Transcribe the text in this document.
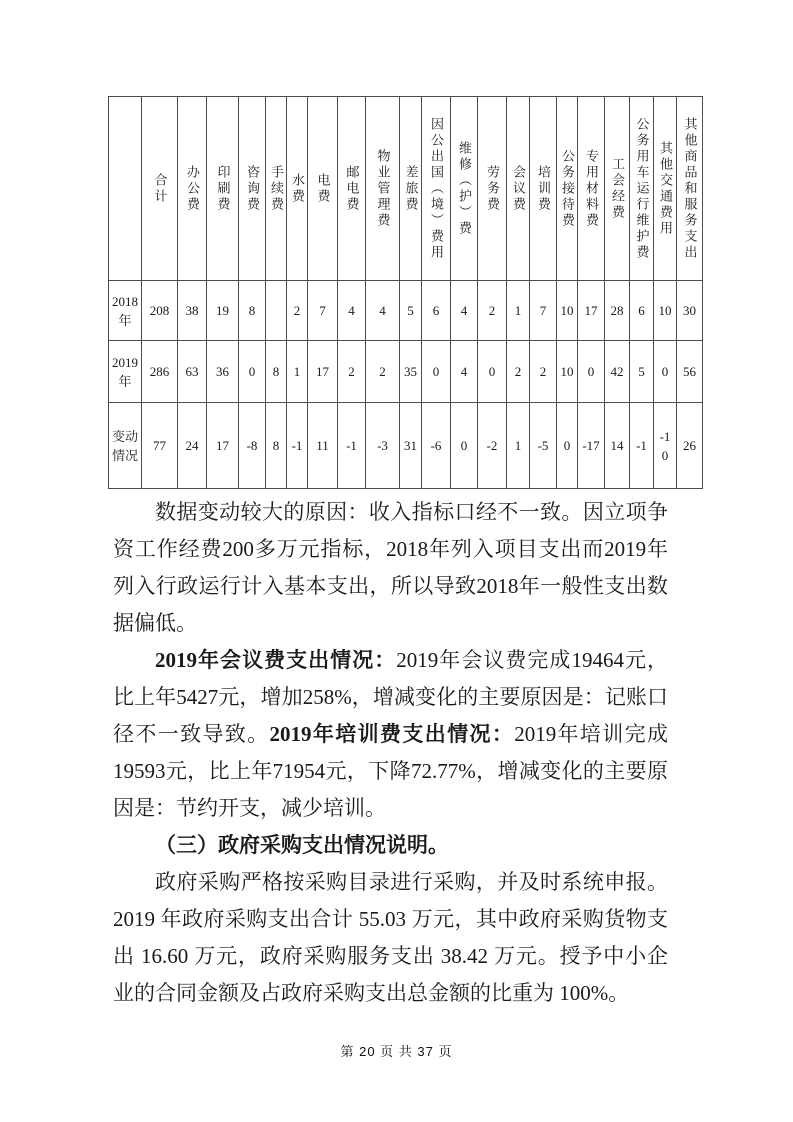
	合计	办公费	印刷费	咨询费	手续费	水费	电费	邮电费	物业管理费	差旅费	因公出国（境）费用	维修（护）费	劳务费	会议费	培训费	公务接待费	专用材料费	工会经费	公务用车运行维护费	其他交通费用	其他商品和服务支出
2018年	208	38	19	8		2	7	4	4	5	6	4	2	1	7	10	17	28	6	10	30
2019年	286	63	36	0	8	1	17	2	2	35	0	4	0	2	2	10	0	42	5	0	56
变动情况	77	24	17	-8	8	-1	11	-1	-3	31	-6	0	-2	1	-5	0	-17	14	-1	-10	26

数据变动较大的原因：收入指标口经不一致。因立项争资工作经费200多万元指标，2018年列入项目支出而2019年列入行政运行计入基本支出，所以导致2018年一般性支出数据偏低。

2019年会议费支出情况：2019年会议费完成19464元，比上年5427元，增加258%，增减变化的主要原因是：记账口径不一致导致。2019年培训费支出情况：2019年培训完成19593元，比上年71954元，下降72.77%，增减变化的主要原因是：节约开支，减少培训。

（三）政府采购支出情况说明。

政府采购严格按采购目录进行采购，并及时系统申报。2019 年政府采购支出合计 55.03 万元，其中政府采购货物支出 16.60 万元，政府采购服务支出 38.42 万元。授予中小企业的合同金额及占政府采购支出总金额的比重为 100%。

第 20 页 共 37 页
